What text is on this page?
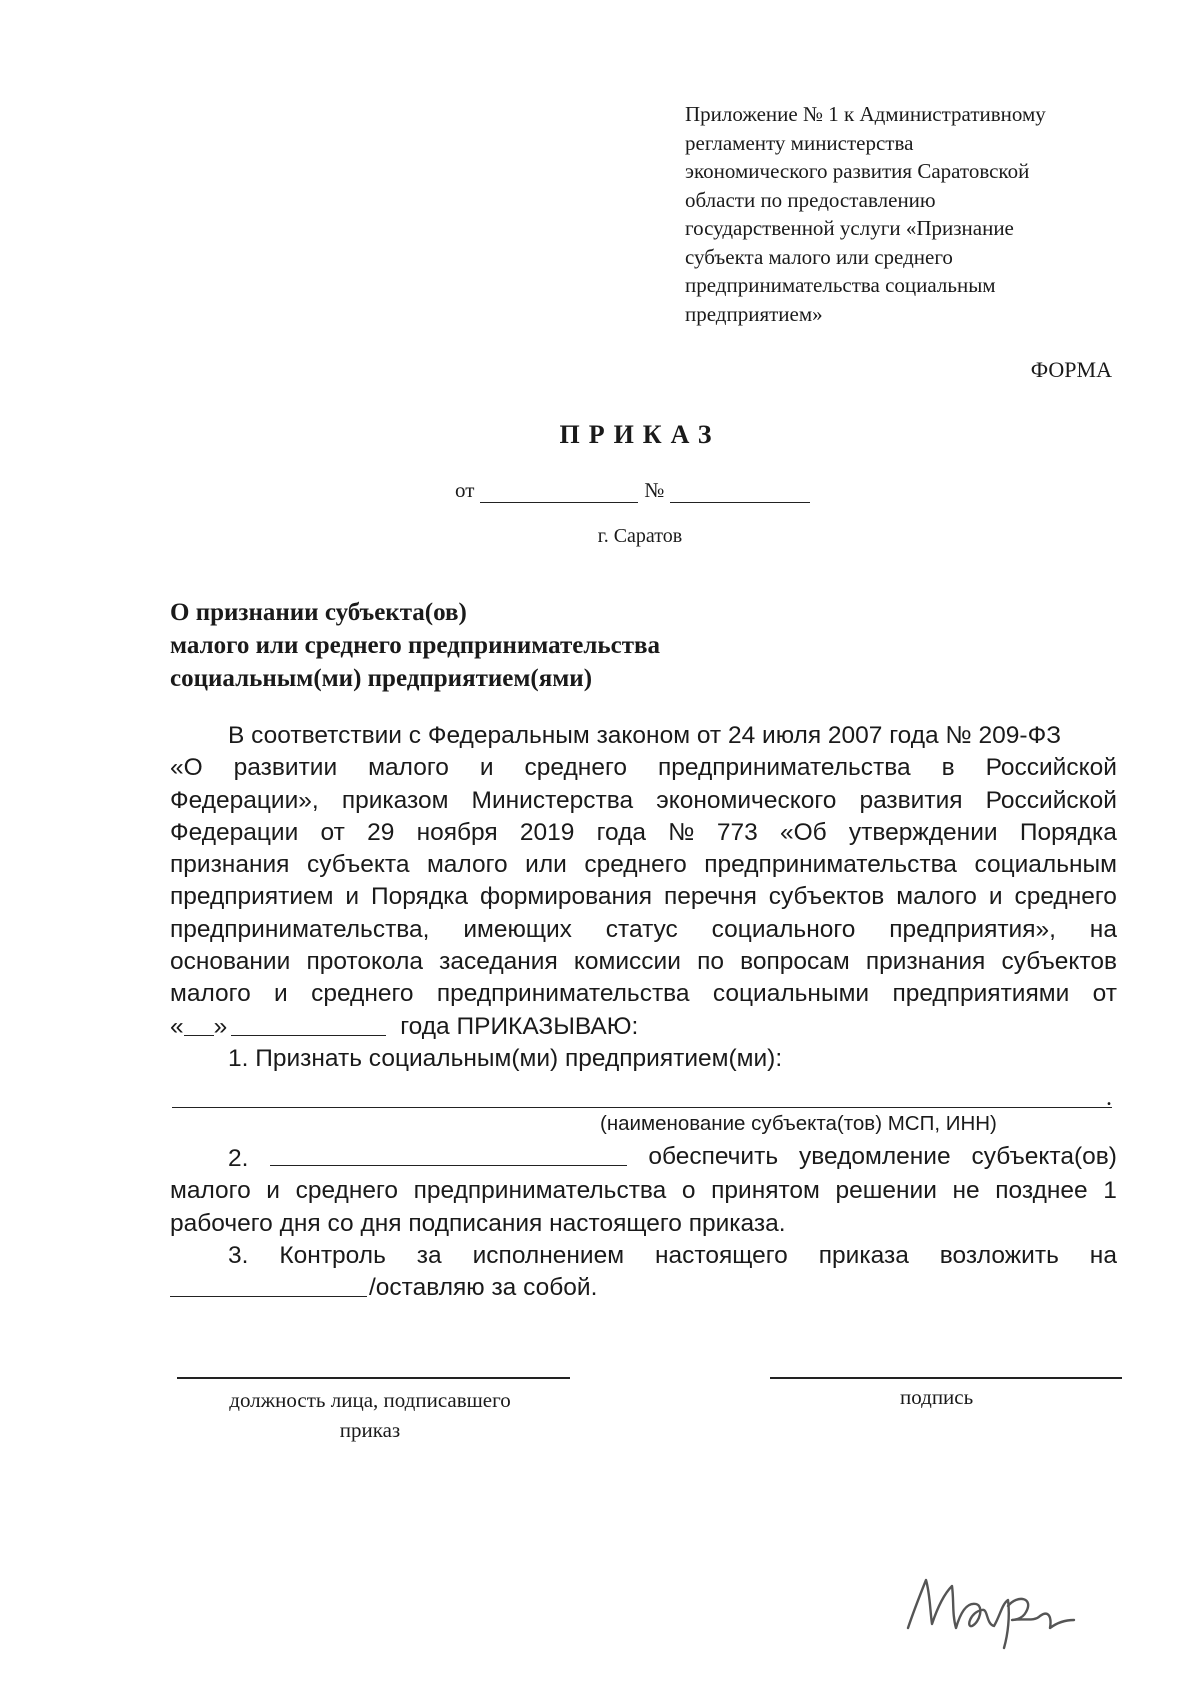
Приложение № 1 к Административному
регламенту министерства
экономического развития Саратовской
области по предоставлению
государственной услуги «Признание
субъекта малого или среднего
предпринимательства социальным
предприятием»
ФОРМА
ПРИКАЗ
от	№
г. Саратов
О признании субъекта(ов)
малого или среднего предпринимательства
социальным(ми) предприятием(ями)
В соответствии с Федеральным законом от 24 июля 2007 года № 209-ФЗ
«О развитии малого и среднего предпринимательства в Российской
Федерации», приказом Министерства экономического развития Российской
Федерации от 29 ноября 2019 года № 773 «Об утверждении Порядка
признания субъекта малого или среднего предпринимательства социальным
предприятием и Порядка формирования перечня субъектов малого и среднего
предпринимательства, имеющих статус социального предприятия», на
основании протокола заседания комиссии по вопросам признания субъектов
малого и среднего предпринимательства социальными предприятиями от
« »	года ПРИКАЗЫВАЮ:
1. Признать социальным(ми) предприятием(ми):
.
(наименование субъекта(тов) МСП, ИНН)
2.	обеспечить уведомление субъекта(ов)
малого и среднего предпринимательства о принятом решении не позднее 1
рабочего дня со дня подписания настоящего приказа.
3. Контроль за исполнением настоящего приказа возложить на
/оставляю за собой.
должность лица, подписавшего
приказ
подпись
